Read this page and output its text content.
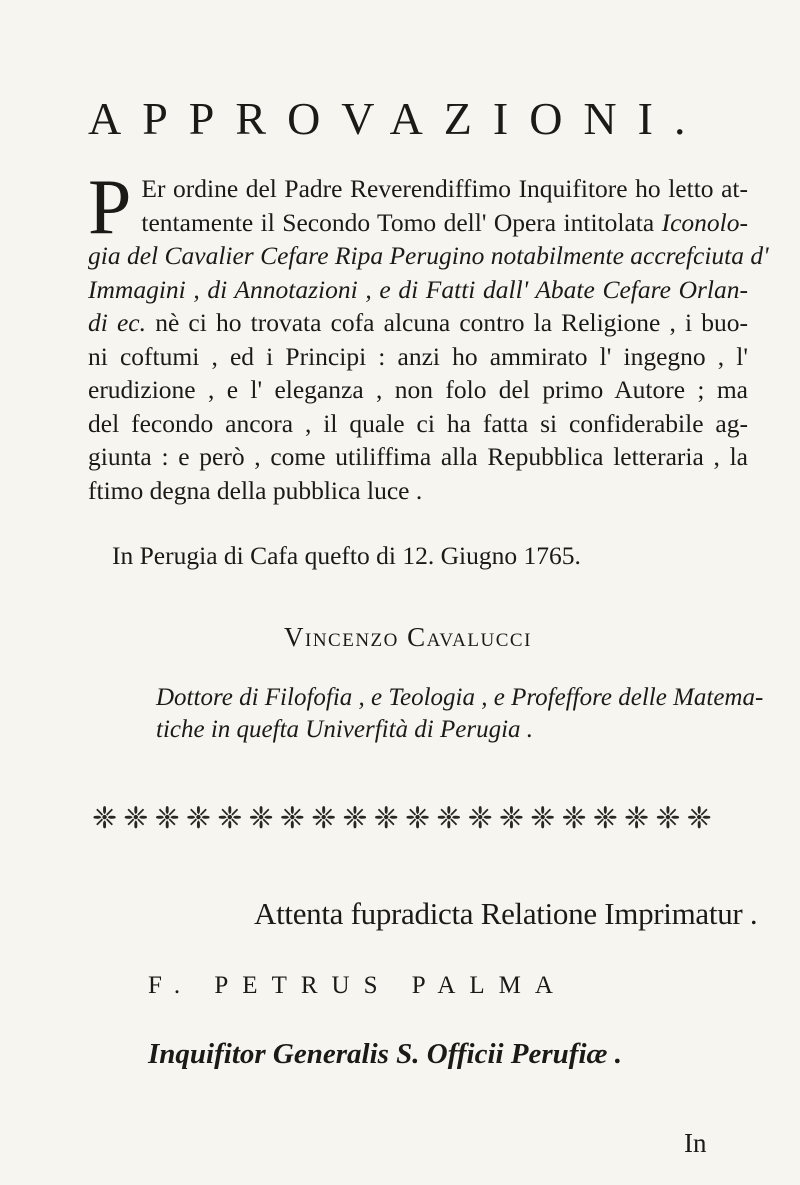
APPROVAZIONI.
P Er ordine del Padre Reverendiffimo Inquifitore ho letto at-
tentamente il Secondo Tomo dell' Opera intitolata Iconolo-
gia del Cavalier Cefare Ripa Perugino notabilmente accrefciuta d'
Immagini , di Annotazioni , e di Fatti dall' Abate Cefare Orlan-
di ec. nè ci ho trovata cofa alcuna contro la Religione , i buo-
ni coftumi , ed i Principi : anzi ho ammirato l' ingegno , l'
erudizione , e l' eleganza , non folo del primo Autore ; ma
del fecondo ancora , il quale ci ha fatta si confiderabile ag-
giunta : e però , come utiliffima alla Repubblica letteraria , la
ftimo degna della pubblica luce .
In Perugia di Cafa quefto di 12. Giugno 1765.
Vincenzo Cavalucci
Dottore di Filofofia , e Teologia , e Profeffore delle Matema-
tiche in quefta Univerfità di Perugia .
❈ ❈ ❈ ❈ ❈ ❈ ❈ ❈ ❈ ❈ ❈ ❈ ❈ ❈ ❈ ❈ ❈ ❈ ❈ ❈
Attenta fupradicta Relatione Imprimatur .
F. PETRUS PALMA
Inquifitor Generalis S. Officii Perufiæ .
In
